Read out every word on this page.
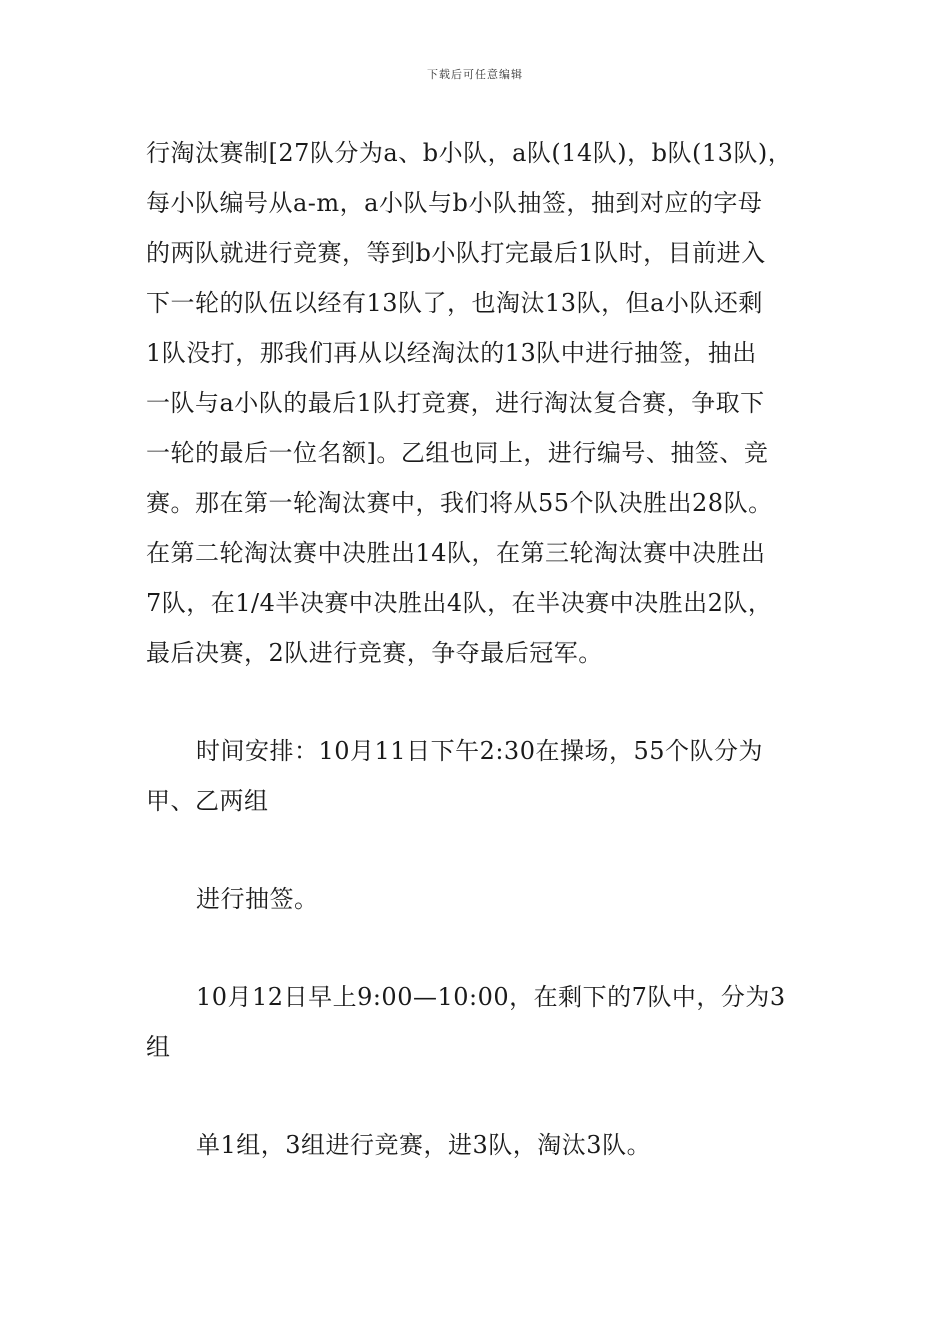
下载后可任意编辑

行淘汰赛制[27队分为a、b小队，a队(14队)，b队(13队)，
每小队编号从a-m，a小队与b小队抽签，抽到对应的字母
的两队就进行竞赛，等到b小队打完最后1队时，目前进入
下一轮的队伍以经有13队了，也淘汰13队，但a小队还剩
1队没打，那我们再从以经淘汰的13队中进行抽签，抽出
一队与a小队的最后1队打竞赛，进行淘汰复合赛，争取下
一轮的最后一位名额]。乙组也同上，进行编号、抽签、竞
赛。那在第一轮淘汰赛中，我们将从55个队决胜出28队。
在第二轮淘汰赛中决胜出14队，在第三轮淘汰赛中决胜出
7队，在1/4半决赛中决胜出4队，在半决赛中决胜出2队，
最后决赛，2队进行竞赛，争夺最后冠军。

时间安排：10月11日下午2:30在操场，55个队分为
甲、乙两组

进行抽签。

10月12日早上9:00—10:00，在剩下的7队中，分为3
组

单1组，3组进行竞赛，进3队，淘汰3队。
